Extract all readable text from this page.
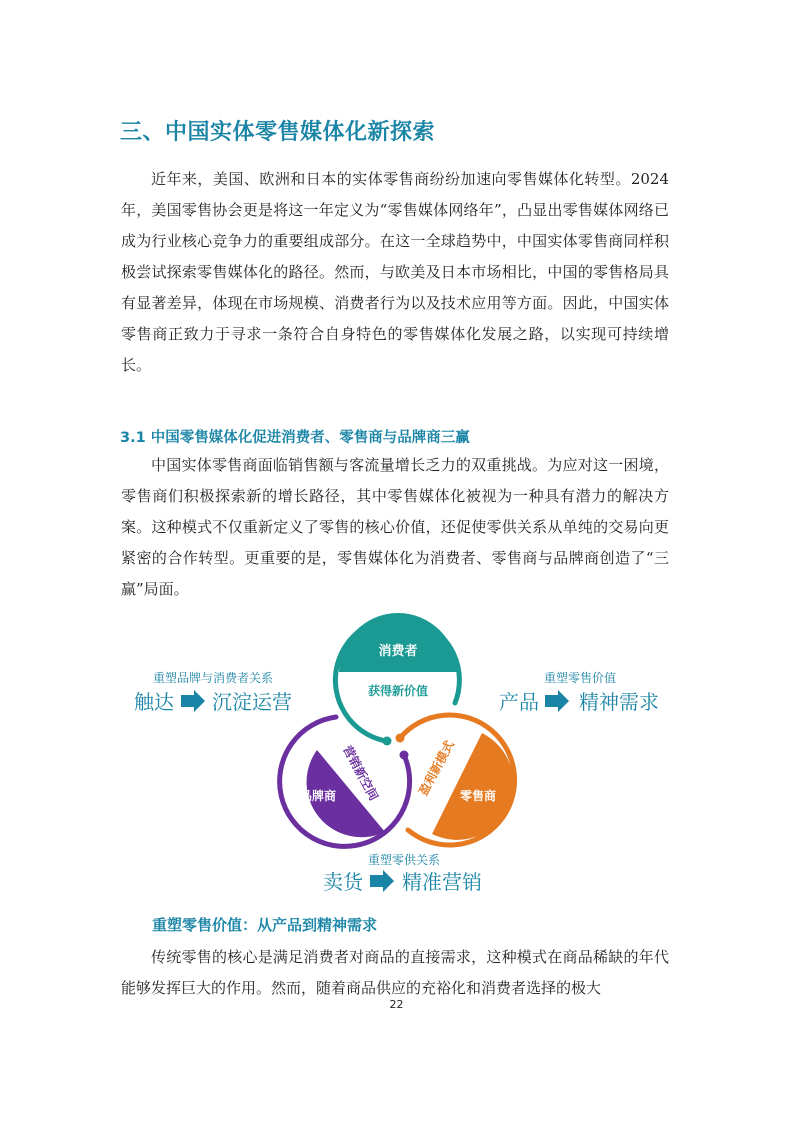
三、中国实体零售媒体化新探索

近年来，美国、欧洲和日本的实体零售商纷纷加速向零售媒体化转型。2024年，美国零售协会更是将这一年定义为“零售媒体网络年”，凸显出零售媒体网络已成为行业核心竞争力的重要组成部分。在这一全球趋势中，中国实体零售商同样积极尝试探索零售媒体化的路径。然而，与欧美及日本市场相比，中国的零售格局具有显著差异，体现在市场规模、消费者行为以及技术应用等方面。因此，中国实体零售商正致力于寻求一条符合自身特色的零售媒体化发展之路，以实现可持续增长。

3.1 中国零售媒体化促进消费者、零售商与品牌商三赢

中国实体零售商面临销售额与客流量增长乏力的双重挑战。为应对这一困境，零售商们积极探索新的增长路径，其中零售媒体化被视为一种具有潜力的解决方案。这种模式不仅重新定义了零售的核心价值，还促使零供关系从单纯的交易向更紧密的合作转型。更重要的是，零售媒体化为消费者、零售商与品牌商创造了“三赢”局面。

消费者
获得新价值
品牌商 营销新空间	零售商
盈利新模式
重塑品牌与消费者关系
触达 沉淀运营
重塑零售价值
产品 精神需求
重塑零供关系
卖货 精准营销
重塑零售价值：从产品到精神需求

传统零售的核心是满足消费者对商品的直接需求，这种模式在商品稀缺的年代能够发挥巨大的作用。然而，随着商品供应的充裕化和消费者选择的极大

22
